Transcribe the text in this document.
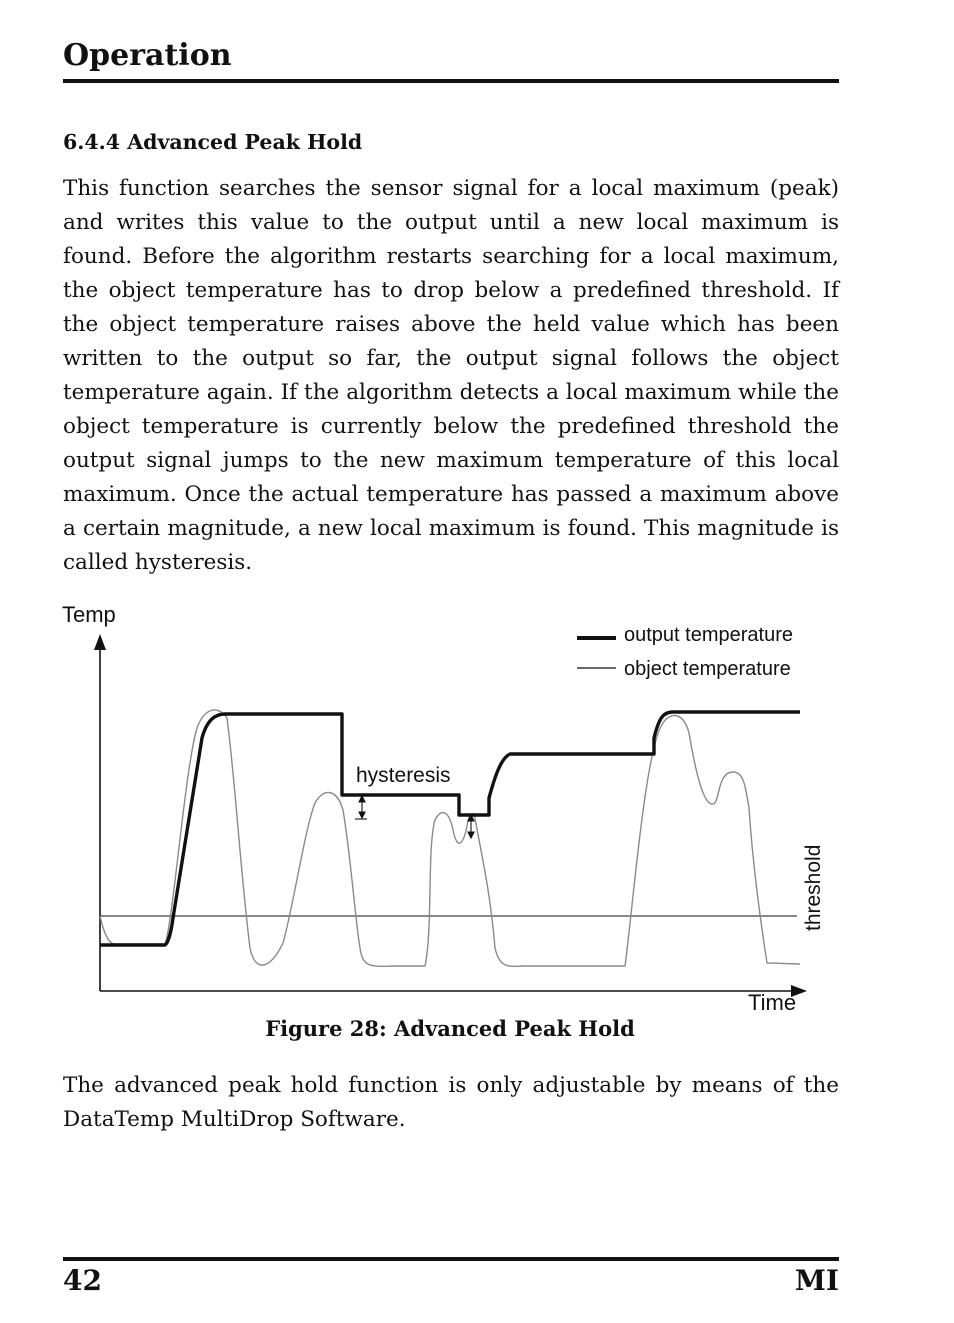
Operation
6.4.4 Advanced Peak Hold

This function searches the sensor signal for a local maximum (peak) and writes this value to the output until a new local maximum is found. Before the algorithm restarts searching for a local maximum, the object temperature has to drop below a predefined threshold. If the object temperature raises above the held value which has been written to the output so far, the output signal follows the object temperature again. If the algorithm detects a local maximum while the object temperature is currently below the predefined threshold the output signal jumps to the new maximum temperature of this local maximum. Once the actual temperature has passed a maximum above a certain magnitude, a new local maximum is found. This magnitude is called hysteresis.

Temp
Time
threshold
hysteresis
output temperature
object temperature

Figure 28: Advanced Peak Hold

The advanced peak hold function is only adjustable by means of the DataTemp MultiDrop Software.

42	MI
